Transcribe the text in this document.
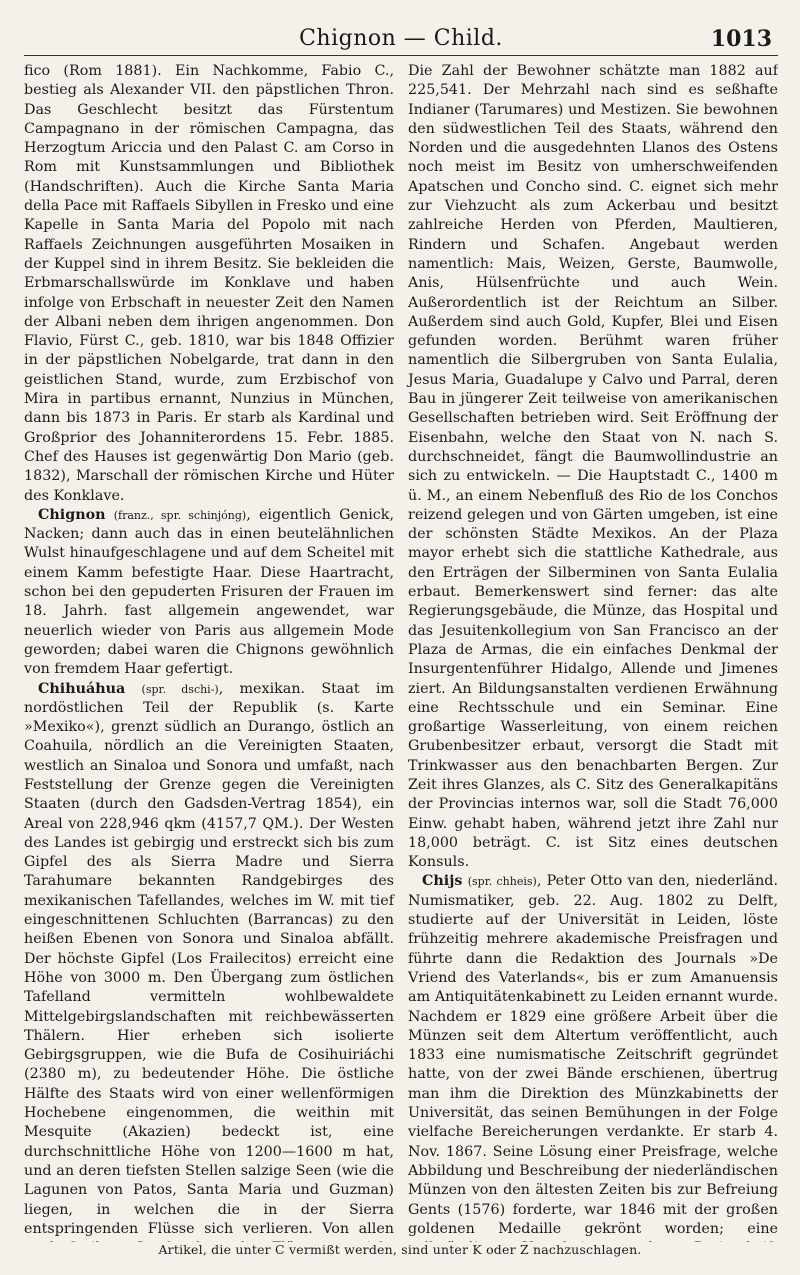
Chignon — Child.	1013

fico (Rom 1881). Ein Nachkomme, Fabio C., bestieg als Alexander VII. den päpstlichen Thron. Das Geschlecht besitzt das Fürstentum Campagnano in der römischen Campagna, das Herzogtum Ariccia und den Palast C. am Corso in Rom mit Kunstsammlungen und Bibliothek (Handschriften). Auch die Kirche Santa Maria della Pace mit Raffaels Sibyllen in Fresko und eine Kapelle in Santa Maria del Popolo mit nach Raffaels Zeichnungen ausgeführten Mosaiken in der Kuppel sind in ihrem Besitz. Sie bekleiden die Erbmarschallswürde im Konklave und haben infolge von Erbschaft in neuester Zeit den Namen der Albani neben dem ihrigen angenommen. Don Flavio, Fürst C., geb. 1810, war bis 1848 Offizier in der päpstlichen Nobelgarde, trat dann in den geistlichen Stand, wurde, zum Erzbischof von Mira in partibus ernannt, Nunzius in München, dann bis 1873 in Paris. Er starb als Kardinal und Großprior des Johanniterordens 15. Febr. 1885. Chef des Hauses ist gegenwärtig Don Mario (geb. 1832), Marschall der römischen Kirche und Hüter des Konklave.

Chignon (franz., spr. schinjóng), eigentlich Genick, Nacken; dann auch das in einen beutelähnlichen Wulst hinaufgeschlagene und auf dem Scheitel mit einem Kamm befestigte Haar. Diese Haartracht, schon bei den gepuderten Frisuren der Frauen im 18. Jahrh. fast allgemein angewendet, war neuerlich wieder von Paris aus allgemein Mode geworden; dabei waren die Chignons gewöhnlich von fremdem Haar gefertigt.

Chihuáhua (spr. dschi-), mexikan. Staat im nordöstlichen Teil der Republik (s. Karte »Mexiko«), grenzt südlich an Durango, östlich an Coahuila, nördlich an die Vereinigten Staaten, westlich an Sinaloa und Sonora und umfaßt, nach Feststellung der Grenze gegen die Vereinigten Staaten (durch den Gadsden-Vertrag 1854), ein Areal von 228,946 qkm (4157,7 QM.). Der Westen des Landes ist gebirgig und erstreckt sich bis zum Gipfel des als Sierra Madre und Sierra Tarahumare bekannten Randgebirges des mexikanischen Tafellandes, welches im W. mit tief eingeschnittenen Schluchten (Barrancas) zu den heißen Ebenen von Sonora und Sinaloa abfällt. Der höchste Gipfel (Los Frailecitos) erreicht eine Höhe von 3000 m. Den Übergang zum östlichen Tafelland vermitteln wohlbewaldete Mittelgebirgslandschaften mit reichbewässerten Thälern. Hier erheben sich isolierte Gebirgsgruppen, wie die Bufa de Cosihuiriáchi (2380 m), zu bedeutender Höhe. Die östliche Hälfte des Staats wird von einer wellenförmigen Hochebene eingenommen, die weithin mit Mesquite (Akazien) bedeckt ist, eine durchschnittliche Höhe von 1200—1600 m hat, und an deren tiefsten Stellen salzige Seen (wie die Lagunen von Patos, Santa Maria und Guzman) liegen, in welchen die in der Sierra entspringenden Flüsse sich verlieren. Von allen

Die Zahl der Bewohner schätzte man 1882 auf 225,541. Der Mehrzahl nach sind es seßhafte Indianer (Tarumares) und Mestizen. Sie bewohnen den südwestlichen Teil des Staats, während den Norden und die ausgedehnten Llanos des Ostens noch meist im Besitz von umherschweifenden Apatschen und Concho sind. C. eignet sich mehr zur Viehzucht als zum Ackerbau und besitzt zahlreiche Herden von Pferden, Maultieren, Rindern und Schafen. Angebaut werden namentlich: Mais, Weizen, Gerste, Baumwolle, Anis, Hülsenfrüchte und auch Wein. Außerordentlich ist der Reichtum an Silber. Außerdem sind auch Gold, Kupfer, Blei und Eisen gefunden worden. Berühmt waren früher namentlich die Silbergruben von Santa Eulalia, Jesus Maria, Guadalupe y Calvo und Parral, deren Bau in jüngerer Zeit teilweise von amerikanischen Gesellschaften betrieben wird. Seit Eröffnung der Eisenbahn, welche den Staat von N. nach S. durchschneidet, fängt die Baumwollindustrie an sich zu entwickeln. — Die Hauptstadt C., 1400 m ü. M., an einem Nebenfluß des Rio de los Conchos reizend gelegen und von Gärten umgeben, ist eine der schönsten Städte Mexikos. An der Plaza mayor erhebt sich die stattliche Kathedrale, aus den Erträgen der Silberminen von Santa Eulalia erbaut. Bemerkenswert sind ferner: das alte Regierungsgebäude, die Münze, das Hospital und das Jesuitenkollegium von San Francisco an der Plaza de Armas, die ein einfaches Denkmal der Insurgentenführer Hidalgo, Allende und Jimenes ziert. An Bildungsanstalten verdienen Erwähnung eine Rechtsschule und ein Seminar. Eine großartige Wasserleitung, von einem reichen Grubenbesitzer erbaut, versorgt die Stadt mit Trinkwasser aus den benachbarten Bergen. Zur Zeit ihres Glanzes, als C. Sitz des Generalkapitäns der Provincias internos war, soll die Stadt 76,000 Einw. gehabt haben, während jetzt ihre Zahl nur 18,000 beträgt. C. ist Sitz eines deutschen Konsuls.

Chijs (spr. chheis), Peter Otto van den, niederländ. Numismatiker, geb. 22. Aug. 1802 zu Delft, studierte auf der Universität in Leiden, löste frühzeitig mehrere akademische Preisfragen und führte dann die Redaktion des Journals »De Vriend des Vaterlands«, bis er zum Amanuensis am Antiquitätenkabinett zu Leiden ernannt wurde. Nachdem er 1829 eine größere Arbeit über die Münzen seit dem Altertum veröffentlicht, auch 1833 eine numismatische Zeitschrift gegründet hatte, von der zwei Bände erschienen, übertrug man ihm die Direktion des Münzkabinetts der Universität, das seinen Bemühungen in der Folge vielfache Bereicherungen verdankte. Er starb 4. Nov. 1867. Seine Lösung einer Preisfrage, welche Abbildung und Beschreibung der niederländischen Münzen von den ältesten Zeiten bis zur Befreiung Gents (1576) forderte, war 1846 mit der großen goldenen Medaille gekrönt worden; eine

Artikel, die unter C vermißt werden, sind unter K oder Z nachzuschlagen.
